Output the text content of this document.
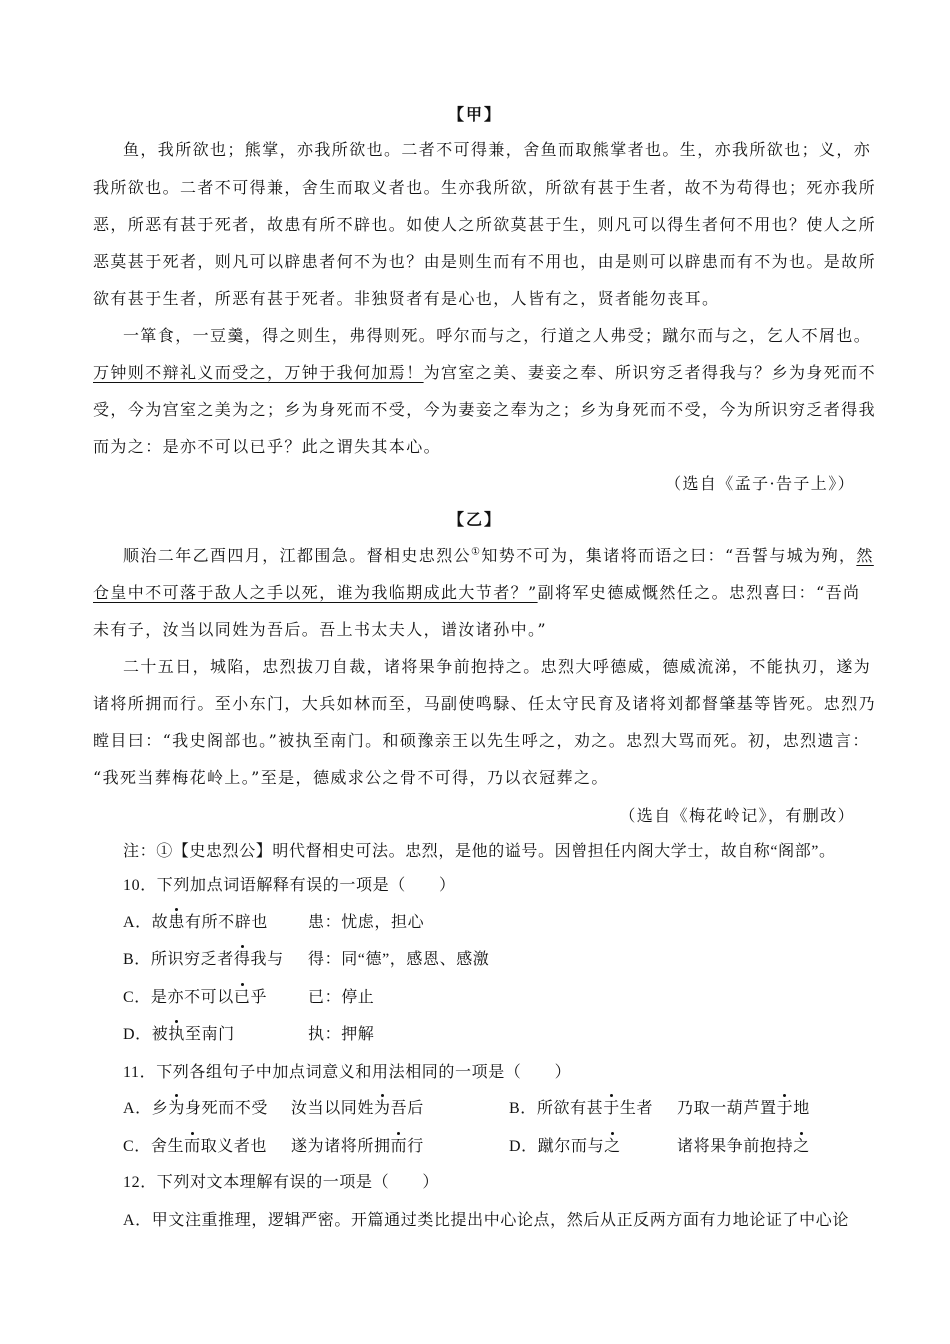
【甲】
鱼，我所欲也；熊掌，亦我所欲也。二者不可得兼，舍鱼而取熊掌者也。生，亦我所欲也；义，亦
我所欲也。二者不可得兼，舍生而取义者也。生亦我所欲，所欲有甚于生者，故不为苟得也；死亦我所
恶，所恶有甚于死者，故患有所不辟也。如使人之所欲莫甚于生，则凡可以得生者何不用也？使人之所
恶莫甚于死者，则凡可以辟患者何不为也？由是则生而有不用也，由是则可以辟患而有不为也。是故所
欲有甚于生者，所恶有甚于死者。非独贤者有是心也，人皆有之，贤者能勿丧耳。
一箪食，一豆羹，得之则生，弗得则死。呼尔而与之，行道之人弗受；蹴尔而与之，乞人不屑也。
万钟则不辩礼义而受之，万钟于我何加焉！为宫室之美、妻妾之奉、所识穷乏者得我与？乡为身死而不
受，今为宫室之美为之；乡为身死而不受，今为妻妾之奉为之；乡为身死而不受，今为所识穷乏者得我
而为之：是亦不可以已乎？此之谓失其本心。
（选自《孟子·告子上》）
【乙】
顺治二年乙酉四月，江都围急。督相史忠烈公①知势不可为，集诸将而语之曰：“吾誓与城为殉，然
仓皇中不可落于敌人之手以死，谁为我临期成此大节者？”副将军史德威慨然任之。忠烈喜曰：“吾尚
未有子，汝当以同姓为吾后。吾上书太夫人，谱汝诸孙中。”
二十五日，城陷，忠烈拔刀自裁，诸将果争前抱持之。忠烈大呼德威，德威流涕，不能执刃，遂为
诸将所拥而行。至小东门，大兵如林而至，马副使鸣騄、任太守民育及诸将刘都督肇基等皆死。忠烈乃
瞠目曰：“我史阁部也。”被执至南门。和硕豫亲王以先生呼之，劝之。忠烈大骂而死。初，忠烈遗言：
“我死当葬梅花岭上。”至是，德威求公之骨不可得，乃以衣冠葬之。
（选自《梅花岭记》，有删改）
注：①【史忠烈公】明代督相史可法。忠烈，是他的谥号。因曾担任内阁大学士，故自称“阁部”。
10．下列加点词语解释有误的一项是（　　）
A．故患有所不辟也	患：忧虑，担心
B．所识穷乏者得我与 得：同“德”，感恩、感激
C．是亦不可以已乎	已：停止
D．被执至南门	执：押解
11．下列各组句子中加点词意义和用法相同的一项是（　　）
A．乡为身死而不受 汝当以同姓为吾后	B．所欲有甚于生者 乃取一葫芦置于地
C．舍生而取义者也 遂为诸将所拥而行	D．蹴尔而与之	诸将果争前抱持之
12．下列对文本理解有误的一项是（　　）
A．甲文注重推理，逻辑严密。开篇通过类比提出中心论点，然后从正反两方面有力地论证了中心论
